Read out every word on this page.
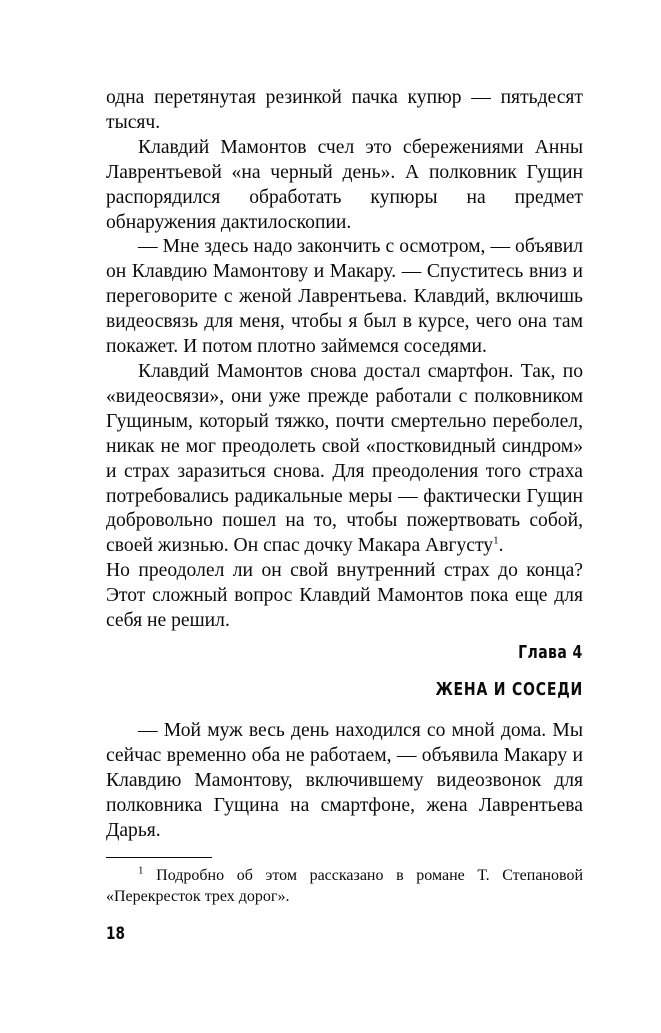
одна перетянутая резинкой пачка купюр — пятьдесят тысяч.

Клавдий Мамонтов счел это сбережениями Анны Лаврентьевой «на черный день». А полковник Гущин распорядился обработать купюры на предмет обнаружения дактилоскопии.

— Мне здесь надо закончить с осмотром, — объявил он Клавдию Мамонтову и Макару. — Спуститесь вниз и переговорите с женой Лаврентьева. Клавдий, включишь видеосвязь для меня, чтобы я был в курсе, чего она там покажет. И потом плотно займемся соседями.

Клавдий Мамонтов снова достал смартфон. Так, по «видеосвязи», они уже прежде работали с полковником Гущиным, который тяжко, почти смертельно переболел, никак не мог преодолеть свой «постковидный синдром» и страх заразиться снова. Для преодоления того страха потребовались радикальные меры — фактически Гущин добровольно пошел на то, чтобы пожертвовать собой, своей жизнью. Он спас дочку Макара Августу$^1$.

Но преодолел ли он свой внутренний страх до конца? Этот сложный вопрос Клавдий Мамонтов пока еще для себя не решил.

Глава 4
ЖЕНА И СОСЕДИ

— Мой муж весь день находился со мной дома. Мы сейчас временно оба не работаем, — объявила Макару и Клавдию Мамонтову, включившему видеозвонок для полковника Гущина на смартфоне, жена Лаврентьева Дарья.

$^1$ Подробно об этом рассказано в романе Т. Степановой «Перекресток трех дорог».

18
